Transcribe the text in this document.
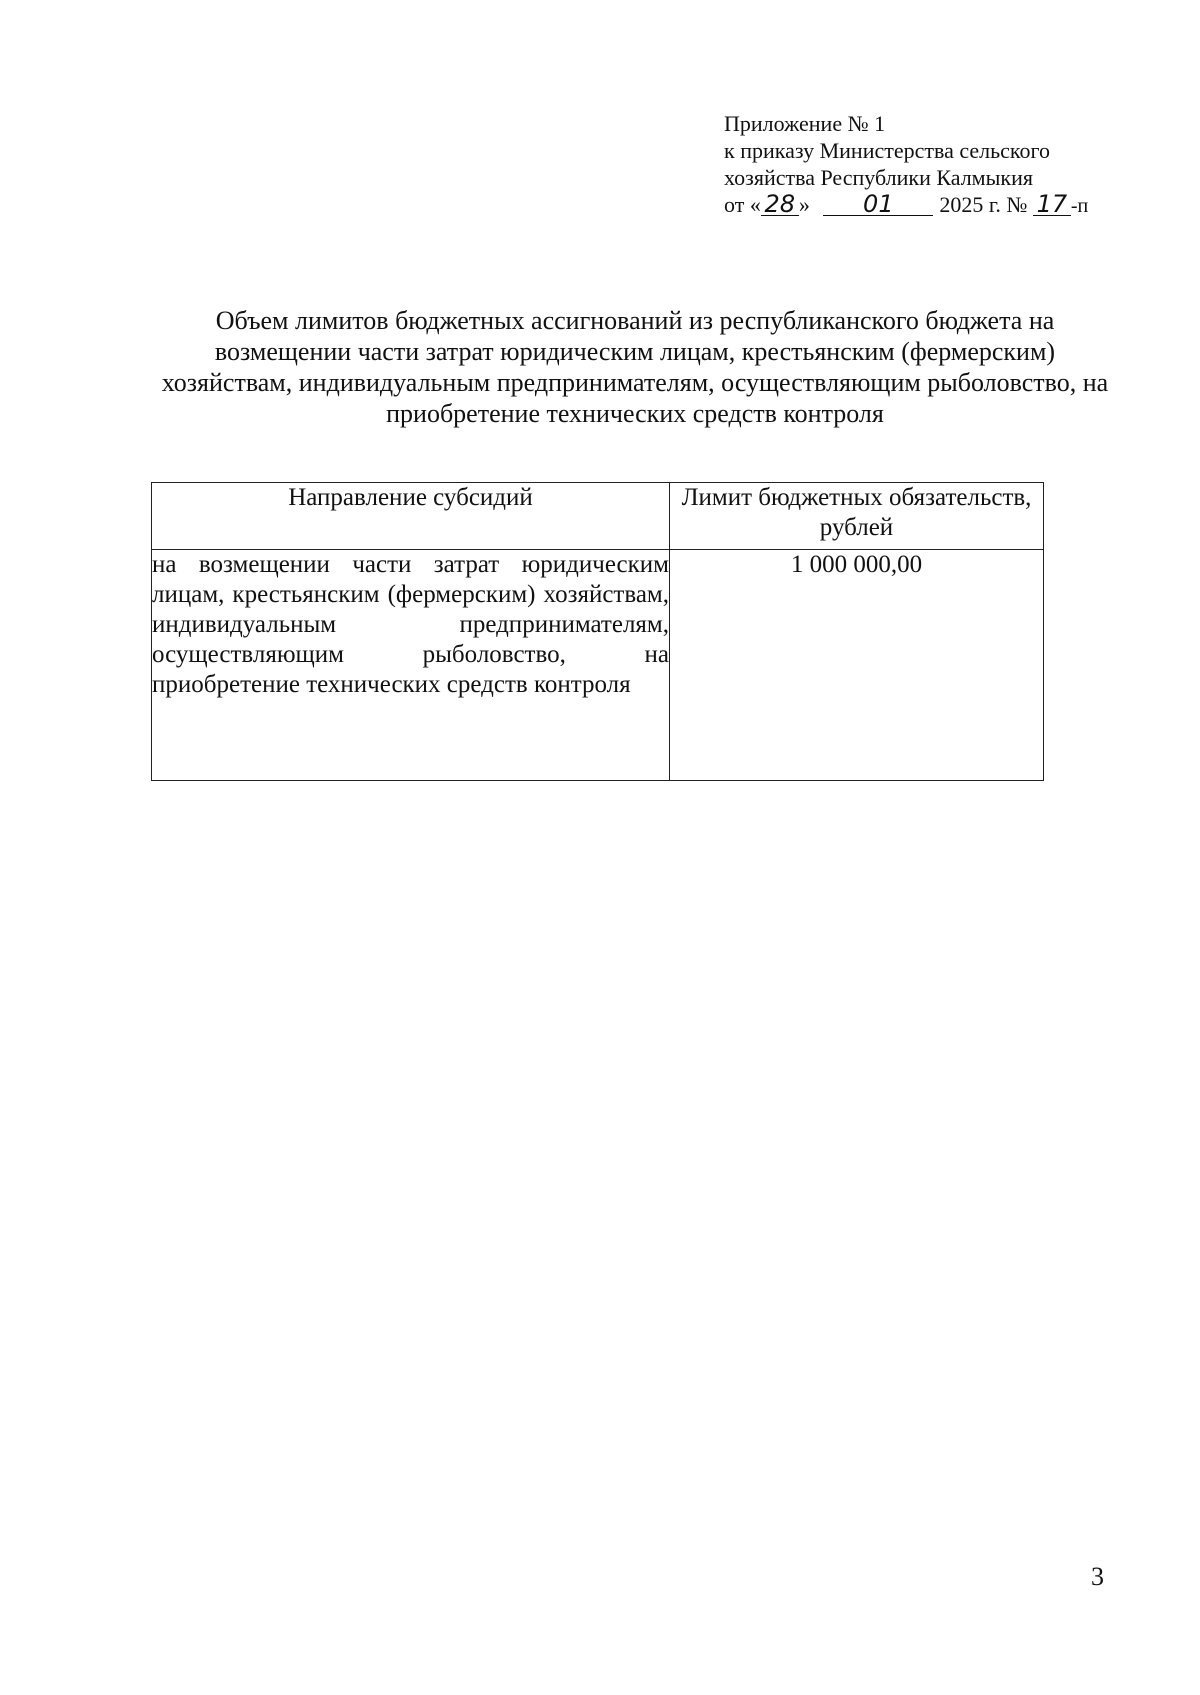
Приложение № 1
к приказу Министерства сельского
хозяйства Республики Калмыкия
от « 28 » 01 2025 г. № 17 -п
Объем лимитов бюджетных ассигнований из республиканского бюджета на возмещении части затрат юридическим лицам, крестьянским (фермерским) хозяйствам, индивидуальным предпринимателям, осуществляющим рыболовство, на приобретение технических средств контроля
Направление субсидий	Лимит бюджетных обязательств, рублей
на возмещении части затрат юридическим лицам, крестьянским (фермерским) хозяйствам, индивидуальным предпринимателям, осуществляющим рыболовство, на приобретение технических средств контроля	1 000 000,00
3
